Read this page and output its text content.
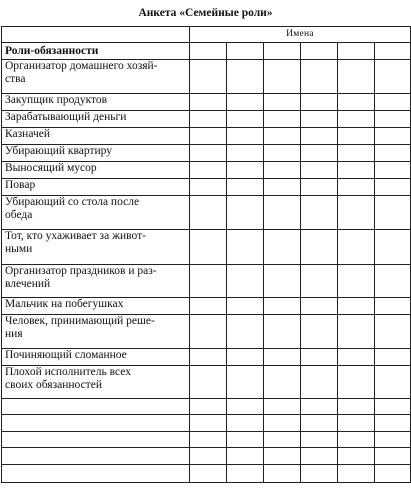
Анкета «Семейные роли»
	Имена					
Роли-обязанности						
Организатор домашнего хозяй-
ства						
Закупщик продуктов						
Зарабатывающий деньги						
Казначей						
Убирающий квартиру						
Выносящий мусор						
Повар						
Убирающий со стола после
обеда						
Тот, кто ухаживает за живот-
ными						
Организатор праздников и раз-
влечений						
Мальчик на побегушках						
Человек, принимающий реше-
ния						
Починяющий сломанное						
Плохой исполнитель всех
своих обязанностей						
